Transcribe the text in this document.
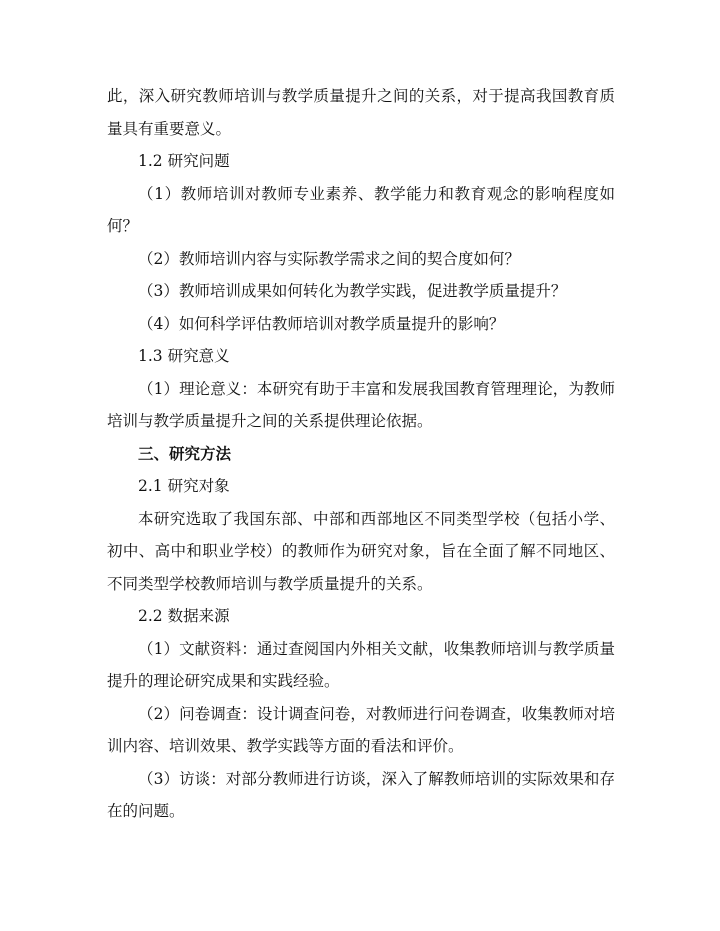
此，深入研究教师培训与教学质量提升之间的关系，对于提高我国教育质量具有重要意义。

1.2 研究问题

（1）教师培训对教师专业素养、教学能力和教育观念的影响程度如何？

（2）教师培训内容与实际教学需求之间的契合度如何？

（3）教师培训成果如何转化为教学实践，促进教学质量提升？

（4）如何科学评估教师培训对教学质量提升的影响？

1.3 研究意义

（1）理论意义：本研究有助于丰富和发展我国教育管理理论，为教师培训与教学质量提升之间的关系提供理论依据。

三、研究方法

2.1 研究对象

本研究选取了我国东部、中部和西部地区不同类型学校（包括小学、初中、高中和职业学校）的教师作为研究对象，旨在全面了解不同地区、不同类型学校教师培训与教学质量提升的关系。

2.2 数据来源

（1）文献资料：通过查阅国内外相关文献，收集教师培训与教学质量提升的理论研究成果和实践经验。

（2）问卷调查：设计调查问卷，对教师进行问卷调查，收集教师对培训内容、培训效果、教学实践等方面的看法和评价。

（3）访谈：对部分教师进行访谈，深入了解教师培训的实际效果和存在的问题。
